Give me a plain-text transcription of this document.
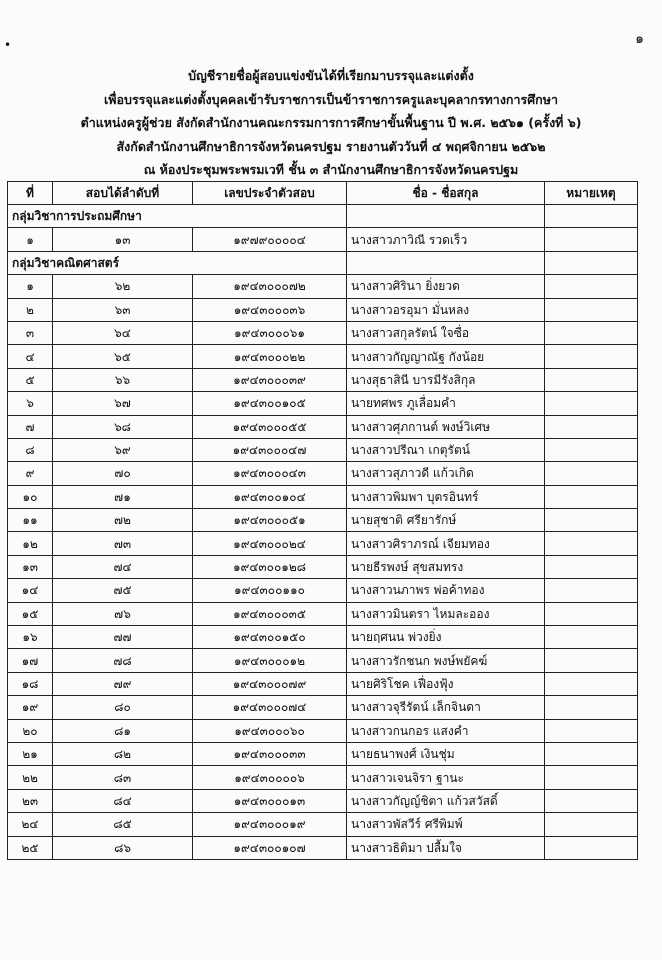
•	๑
บัญชีรายชื่อผู้สอบแข่งขันได้ที่เรียกมาบรรจุและแต่งตั้ง
เพื่อบรรจุและแต่งตั้งบุคคลเข้ารับราชการเป็นข้าราชการครูและบุคลากรทางการศึกษา
ตำแหน่งครูผู้ช่วย สังกัดสำนักงานคณะกรรมการการศึกษาขั้นพื้นฐาน ปี พ.ศ. ๒๕๖๑ (ครั้งที่ ๖)
สังกัดสำนักงานศึกษาธิการจังหวัดนครปฐม รายงานตัววันที่ ๔ พฤศจิกายน ๒๕๖๒
ณ ห้องประชุมพระพรมเวที ชั้น ๓ สำนักงานศึกษาธิการจังหวัดนครปฐม
ที่	สอบได้ลำดับที่	เลขประจำตัวสอบ	ชื่อ - ชื่อสกุล	หมายเหตุ
กลุ่มวิชาการประถมศึกษา				
๑	๑๓	๑๙๗๙๐๐๐๐๔	นางสาวภาวิณี รวดเร็ว	
กลุ่มวิชาคณิตศาสตร์				
๑	๖๒	๑๙๔๓๐๐๐๗๒	นางสาวศิรินา ยิ่งยวด	
๒	๖๓	๑๙๔๓๐๐๐๓๖	นางสาวอรอุมา มั่นหลง	
๓	๖๔	๑๙๔๓๐๐๐๖๑	นางสาวสกุลรัตน์ ใจซื่อ	
๔	๖๕	๑๙๔๓๐๐๐๒๒	นางสาวกัญญาณัฐ กังน้อย	
๕	๖๖	๑๙๔๓๐๐๐๓๙	นางสุธาสินี บารมีรังสิกุล	
๖	๖๗	๑๙๔๓๐๐๑๐๕	นายทศพร ภูเลื่อมคำ	
๗	๖๘	๑๙๔๓๐๐๐๕๕	นางสาวศุภกานต์ พงษ์วิเศษ	
๘	๖๙	๑๙๔๓๐๐๐๔๗	นางสาวปรีณา เกตุรัตน์	
๙	๗๐	๑๙๔๓๐๐๐๔๓	นางสาวสุภาวดี แก้วเกิด	
๑๐	๗๑	๑๙๔๓๐๐๑๐๔	นางสาวพิมพา บุตรอินทร์	
๑๑	๗๒	๑๙๔๓๐๐๐๕๑	นายสุชาติ ศรียารักษ์	
๑๒	๗๓	๑๙๔๓๐๐๐๒๔	นางสาวศิราภรณ์ เจียมทอง	
๑๓	๗๔	๑๙๔๓๐๐๑๒๘	นายธีรพงษ์ สุขสมทรง	
๑๔	๗๕	๑๙๔๓๐๐๑๑๐	นางสาวนภาพร พ่อค้าทอง	
๑๕	๗๖	๑๙๔๓๐๐๐๓๕	นางสาวมินตรา ไหมละออง	
๑๖	๗๗	๑๙๔๓๐๐๑๕๐	นายฤศนน พ่วงยิ่ง	
๑๗	๗๘	๑๙๔๓๐๐๐๑๒	นางสาวรักชนก พงษ์พยัคฆ์	
๑๘	๗๙	๑๙๔๓๐๐๐๗๙	นายศิริโชค เฟื่องฟุ้ง	
๑๙	๘๐	๑๙๔๓๐๐๐๗๔	นางสาวจุรีรัตน์ เล็กจินดา	
๒๐	๘๑	๑๙๔๓๐๐๐๖๐	นางสาวกนกอร แสงคำ	
๒๑	๘๒	๑๙๔๓๐๐๐๓๓	นายธนาพงศ์ เงินชุ่ม	
๒๒	๘๓	๑๙๔๓๐๐๐๐๖	นางสาวเจนจิรา ฐานะ	
๒๓	๘๔	๑๙๔๓๐๐๐๑๓	นางสาวกัญญ์ชิตา แก้วสวัสดิ์	
๒๔	๘๕	๑๙๔๓๐๐๐๑๙	นางสาวพัสวีร์ ศรีพิมพ์	
๒๕	๘๖	๑๙๔๓๐๐๑๐๗	นางสาวธิติมา ปลื้มใจ	
